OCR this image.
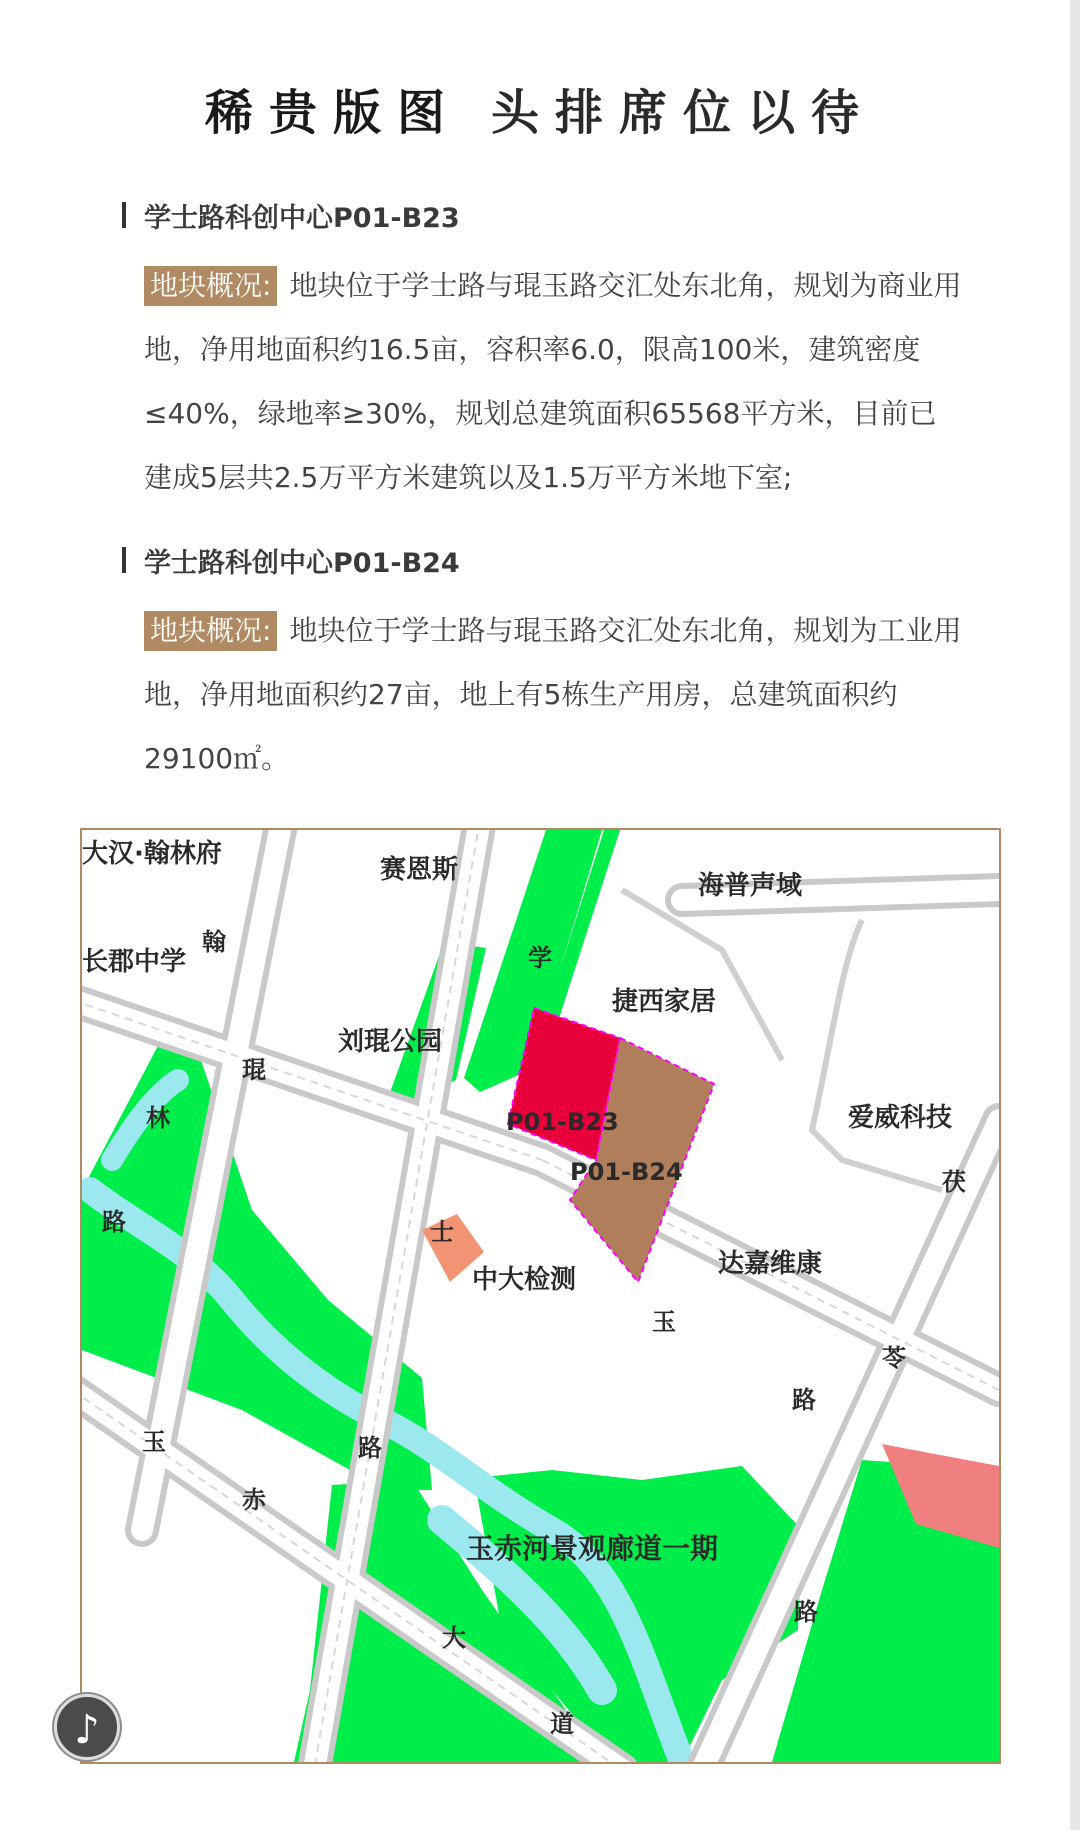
稀贵版图 头排席位以待
学士路科创中心P01-B23
地块概况: 地块位于学士路与琨玉路交汇处东北角，规划为商业用地，净用地面积约16.5亩，容积率6.0，限高100米，建筑密度≤40%，绿地率≥30%，规划总建筑面积65568平方米，目前已建成5层共2.5万平方米建筑以及1.5万平方米地下室;
学士路科创中心P01-B24
地块概况: 地块位于学士路与琨玉路交汇处东北角，规划为工业用地，净用地面积约27亩，地上有5栋生产用房，总建筑面积约29100㎡。
大汉·翰林府
赛恩斯
海普声域
长郡中学
捷西家居
刘琨公园
爱威科技
P01-B23
P01-B24
达嘉维康
中大检测
玉赤河景观廊道一期
翰
琨
林
路
学
士
路
玉
路
茯
苓
路
玉
赤
大
道
♪
